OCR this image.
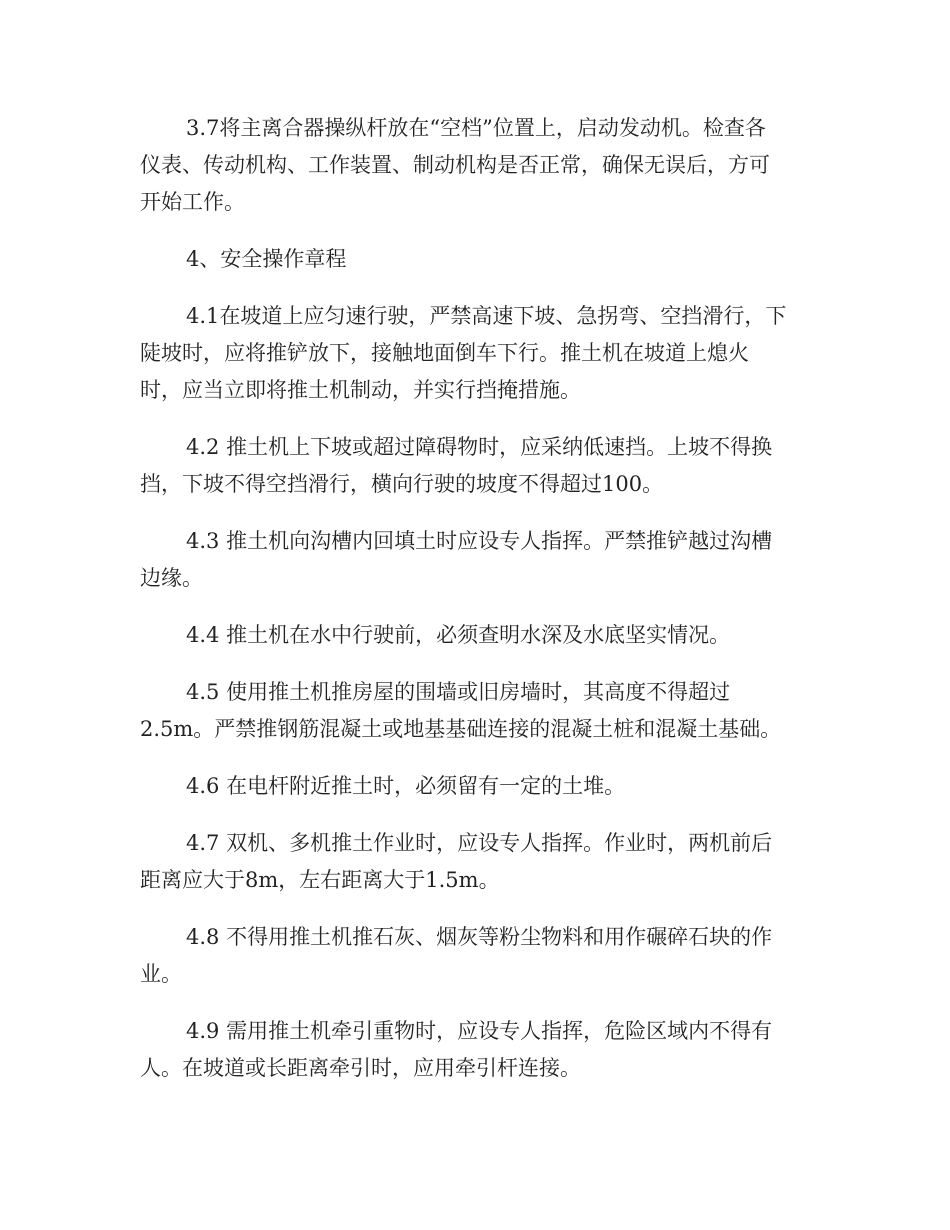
3.7将主离合器操纵杆放在“空档”位置上，启动发动机。检查各
仪表、传动机构、工作装置、制动机构是否正常，确保无误后，方可
开始工作。

4、安全操作章程

4.1在坡道上应匀速行驶，严禁高速下坡、急拐弯、空挡滑行，下
陡坡时，应将推铲放下，接触地面倒车下行。推土机在坡道上熄火
时，应当立即将推土机制动，并实行挡掩措施。

4.2 推土机上下坡或超过障碍物时，应采纳低速挡。上坡不得换
挡，下坡不得空挡滑行，横向行驶的坡度不得超过100。

4.3 推土机向沟槽内回填土时应设专人指挥。严禁推铲越过沟槽
边缘。

4.4 推土机在水中行驶前，必须查明水深及水底坚实情况。

4.5 使用推土机推房屋的围墙或旧房墙时，其高度不得超过
2.5m。严禁推钢筋混凝土或地基基础连接的混凝土桩和混凝土基础。

4.6 在电杆附近推土时，必须留有一定的土堆。

4.7 双机、多机推土作业时，应设专人指挥。作业时，两机前后
距离应大于8m，左右距离大于1.5m。

4.8 不得用推土机推石灰、烟灰等粉尘物料和用作碾碎石块的作
业。

4.9 需用推土机牵引重物时，应设专人指挥，危险区域内不得有
人。在坡道或长距离牵引时，应用牵引杆连接。
